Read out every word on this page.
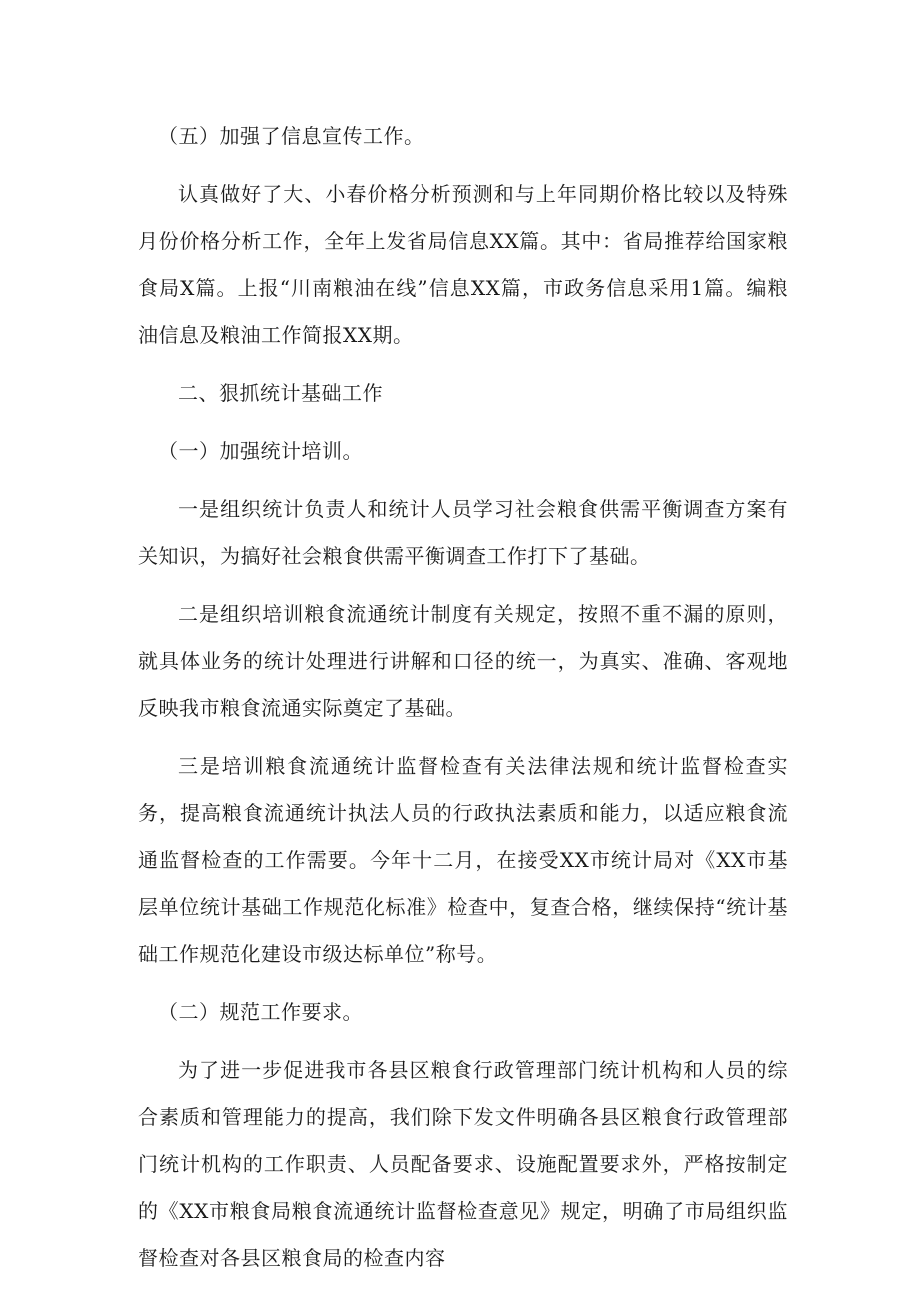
（五）加强了信息宣传工作。

认真做好了大、小春价格分析预测和与上年同期价格比较以及特殊月份价格分析工作，全年上发省局信息XX篇。其中：省局推荐给国家粮食局X篇。上报“川南粮油在线”信息XX篇，市政务信息采用1篇。编粮油信息及粮油工作简报XX期。

二、狠抓统计基础工作

（一）加强统计培训。

一是组织统计负责人和统计人员学习社会粮食供需平衡调查方案有关知识，为搞好社会粮食供需平衡调查工作打下了基础。

二是组织培训粮食流通统计制度有关规定，按照不重不漏的原则，就具体业务的统计处理进行讲解和口径的统一，为真实、准确、客观地反映我市粮食流通实际奠定了基础。

三是培训粮食流通统计监督检查有关法律法规和统计监督检查实务，提高粮食流通统计执法人员的行政执法素质和能力，以适应粮食流通监督检查的工作需要。今年十二月，在接受XX市统计局对《XX市基层单位统计基础工作规范化标准》检查中，复查合格，继续保持“统计基础工作规范化建设市级达标单位”称号。

（二）规范工作要求。

为了进一步促进我市各县区粮食行政管理部门统计机构和人员的综合素质和管理能力的提高，我们除下发文件明确各县区粮食行政管理部门统计机构的工作职责、人员配备要求、设施配置要求外，严格按制定的《XX市粮食局粮食流通统计监督检查意见》规定，明确了市局组织监督检查对各县区粮食局的检查内容
